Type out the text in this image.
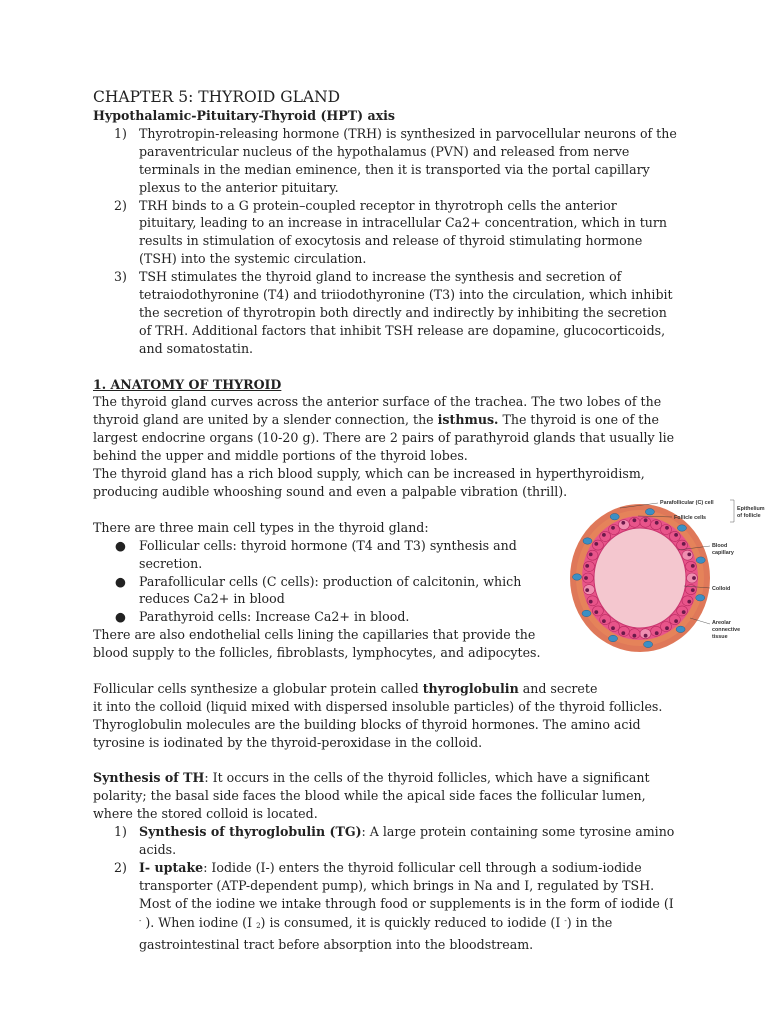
CHAPTER 5: THYROID GLAND

Hypothalamic-Pituitary-Thyroid (HPT) axis

1) Thyrotropin-releasing hormone (TRH) is synthesized in parvocellular neurons of the paraventricular nucleus of the hypothalamus (PVN) and released from nerve terminals in the median eminence, then it is transported via the portal capillary plexus to the anterior pituitary.
2) TRH binds to a G protein–coupled receptor in thyrotroph cells the anterior pituitary, leading to an increase in intracellular Ca2+ concentration, which in turn results in stimulation of exocytosis and release of thyroid stimulating hormone (TSH) into the systemic circulation.
3) TSH stimulates the thyroid gland to increase the synthesis and secretion of tetraiodothyronine (T4) and triiodothyronine (T3) into the circulation, which inhibit the secretion of thyrotropin both directly and indirectly by inhibiting the secretion of TRH. Additional factors that inhibit TSH release are dopamine, glucocorticoids, and somatostatin.

1. ANATOMY OF THYROID

The thyroid gland curves across the anterior surface of the trachea. The two lobes of the thyroid gland are united by a slender connection, the isthmus. The thyroid is one of the largest endocrine organs (10-20 g). There are 2 pairs of parathyroid glands that usually lie behind the upper and middle portions of the thyroid lobes.

The thyroid gland has a rich blood supply, which can be increased in hyperthyroidism, producing audible whooshing sound and even a palpable vibration (thrill).

There are three main cell types in the thyroid gland:

● Follicular cells: thyroid hormone (T4 and T3) synthesis and secretion.
● Parafollicular cells (C cells): production of calcitonin, which reduces Ca2+ in blood
● Parathyroid cells: Increase Ca2+ in blood.

There are also endothelial cells lining the capillaries that provide the blood supply to the follicles, fibroblasts, lymphocytes, and adipocytes.

Follicular cells synthesize a globular protein called thyroglobulin and secrete
it into the colloid (liquid mixed with dispersed insoluble particles) of the thyroid follicles. Thyroglobulin molecules are the building blocks of thyroid hormones. The amino acid tyrosine is iodinated by the thyroid-peroxidase in the colloid.

Synthesis of TH: It occurs in the cells of the thyroid follicles, which have a significant polarity; the basal side faces the blood while the apical side faces the follicular lumen, where the stored colloid is located.

1) Synthesis of thyroglobulin (TG): A large protein containing some tyrosine amino acids.
2) I- uptake: Iodide (I-) enters the thyroid follicular cell through a sodium-iodide transporter (ATP-dependent pump), which brings in Na and I, regulated by TSH. Most of the iodine we intake through food or supplements is in the form of iodide (I - ). When iodine (I $_2$) is consumed, it is quickly reduced to iodide (I -) in the gastrointestinal tract before absorption into the bloodstream.
Parafollicular (C) cell
Follicle cells
Epithelium
of follicle
Blood
capillary
Colloid
Areolar
connective
tissue
